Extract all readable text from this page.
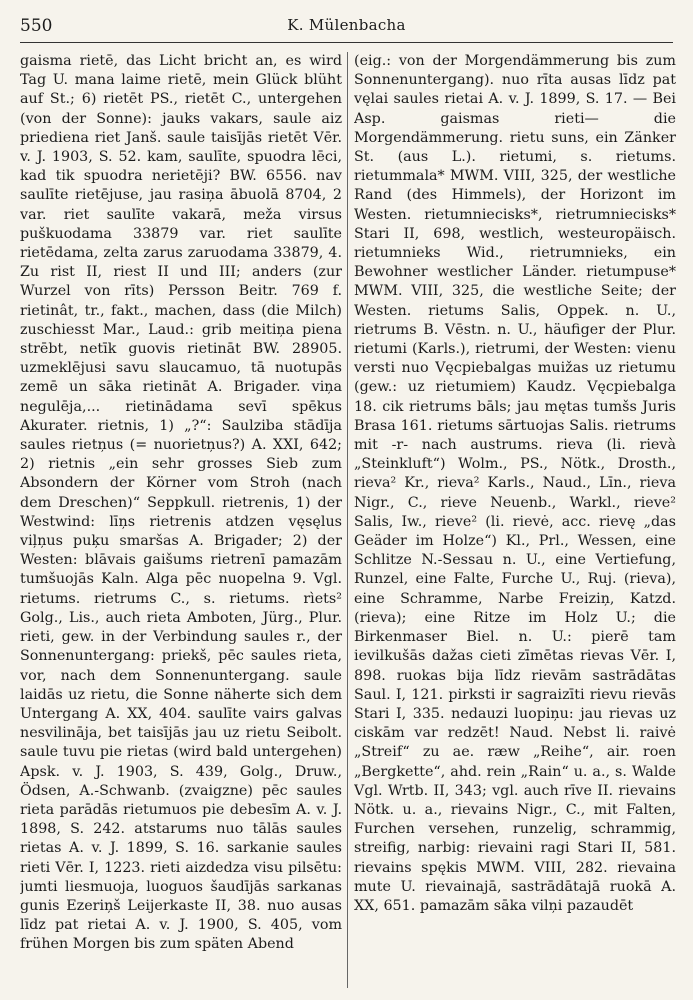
550	K. Mülenbacha

gaisma rietē, das Licht bricht an, es wird Tag U. mana laime rietē, mein Glück blüht auf St.; 6) rietēt PS., rietēt C., untergehen (von der Sonne): jauks vakars, saule aiz priediena riet Janš. saule taisījās rietēt Vēr. v. J. 1903, S. 52. kam, saulīte, spuodra lēci, kad tik spuodra nerietēji? BW. 6556. nav saulīte rietējuse, jau rasiņa ābuolā 8704, 2 var. riet saulīte vakarā, meža virsus puškuodama 33879 var. riet saulīte rietēdama, zelta zarus zaruodama 33879, 4. Zu rist II, riest II und III; anders (zur Wurzel von rīts) Persson Beitr. 769 f. rietinât, tr., fakt., machen, dass (die Milch) zuschiesst Mar., Laud.: grib meitiņa piena strēbt, netīk guovis rietināt BW. 28905. uzmeklējusi savu slaucamuo, tā nuotupās zemē un sāka rietināt A. Brigader. viņa negulēja,... rietinādama sevī spēkus Akurater. rietnis, 1) „?“: Saulziba stādīja saules rietņus (= nuorietņus?) A. XXI, 642; 2) rietnis „ein sehr grosses Sieb zum Absondern der Körner vom Stroh (nach dem Dreschen)“ Seppkull. rietrenis, 1) der Westwind: līņs rietrenis atdzen vęsęlus viļņus puķu smaršas A. Brigader; 2) der Westen: blāvais gaišums rietrenī pamazām tumšuojās Kaln. Alga pēc nuopelna 9. Vgl. rietums. rietrums C., s. rietums. rìets² Golg., Lis., auch rieta Amboten, Jürg., Plur. rieti, gew. in der Verbindung saules r., der Sonnenuntergang: priekš, pēc saules rieta, vor, nach dem Sonnenuntergang. saule laidās uz rietu, die Sonne näherte sich dem Untergang A. XX, 404. saulīte vairs galvas nesvilināja, bet taisījās jau uz rietu Seibolt. saule tuvu pie rietas (wird bald untergehen) Apsk. v. J. 1903, S. 439, Golg., Druw., Ödsen, A.-Schwanb. (zvaigzne) pēc saules rieta parādās rietumuos pie debesīm A. v. J. 1898, S. 242. atstarums nuo tālās saules rietas A. v. J. 1899, S. 16. sarkanie saules rieti Vēr. I, 1223. rieti aizdedza visu pilsētu: jumti liesmuoja, luoguos šaudījās sarkanas gunis Ezeriņš Leijerkaste II, 38. nuo ausas līdz pat rietai A. v. J. 1900, S. 405, vom frühen Morgen bis zum späten Abend

(eig.: von der Morgendämmerung bis zum Sonnenuntergang). nuo rīta ausas līdz pat vęlai saules rietai A. v. J. 1899, S. 17. — Bei Asp. gaismas rieti— die Morgendämmerung. rietu suns, ein Zänker St. (aus L.). rietumi, s. rietums. rietummala* MWM. VIII, 325, der westliche Rand (des Himmels), der Horizont im Westen. rietumniecisks*, rietrumniecisks* Stari II, 698, westlich, westeuropäisch. rietumnieks Wid., rietrumnieks, ein Bewohner westlicher Länder. rietumpuse* MWM. VIII, 325, die westliche Seite; der Westen. rietums Salis, Oppek. n. U., rietrums B. Vēstn. n. U., häufiger der Plur. rietumi (Karls.), rietrumi, der Westen: vienu versti nuo Vęcpiebalgas muižas uz rietumu (gew.: uz rietumiem) Kaudz. Vęcpiebalga 18. cik rietrums bāls; jau mętas tumšs Juris Brasa 161. rietums sārtuojas Salis. rietrums mit -r- nach austrums. rieva (li. rievà „Steinkluft“) Wolm., PS., Nötk., Drosth., rieva² Kr., rieva² Karls., Naud., Līn., rieva Nigr., C., rieve Neuenb., Warkl., rieve² Salis, Iw., rieve² (li. rievė, acc. rievę „das Geäder im Holze“) Kl., Prl., Wessen, eine Schlitze N.-Sessau n. U., eine Vertiefung, Runzel, eine Falte, Furche U., Ruj. (rieva), eine Schramme, Narbe Freiziņ, Katzd. (rieva); eine Ritze im Holz U.; die Birkenmaser Biel. n. U.: pierē tam ievilkušās dažas cieti zīmētas rievas Vēr. I, 898. ruokas bija līdz rievām sastrādātas Saul. I, 121. pirksti ir sagraizīti rievu rievās Stari I, 335. nedauzi luopiņu: jau rievas uz ciskām var redzēt! Naud. Nebst li. raivė „Streif“ zu ae. ræw „Reihe“, air. roen „Bergkette“, ahd. rein „Rain“ u. a., s. Walde Vgl. Wrtb. II, 343; vgl. auch rīve II. rievains Nötk. u. a., rievains Nigr., C., mit Falten, Furchen versehen, runzelig, schrammig, streifig, narbig: rievaini ragi Stari II, 581. rievains spękis MWM. VIII, 282. rievaina mute U. rievainajā, sastrādātajā ruokā A. XX, 651. pamazām sāka vilņi pazaudēt
